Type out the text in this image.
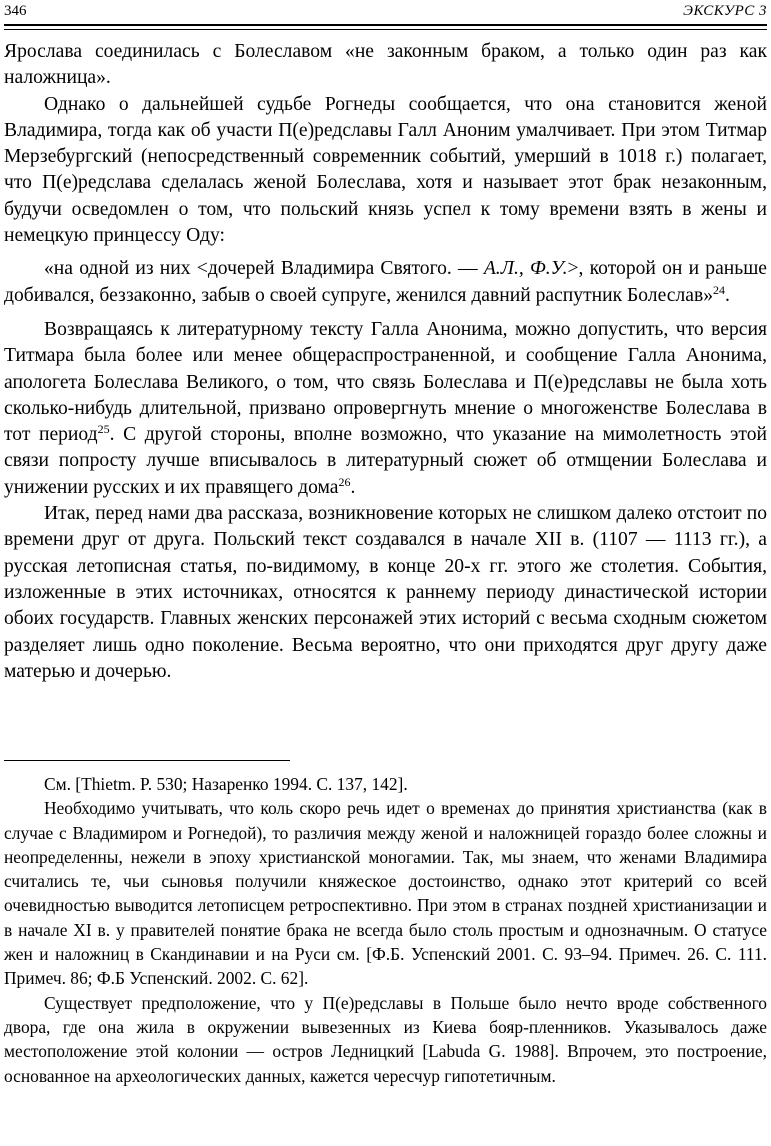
346	ЭКСКУРС 3

Ярослава соединилась с Болеславом «не законным браком, а только один раз как наложница».

Однако о дальнейшей судьбе Рогнеды сообщается, что она становится женой Владимира, тогда как об участи П(е)редславы Галл Аноним умалчивает. При этом Титмар Мерзебургский (непосредственный современник событий, умерший в 1018 г.) полагает, что П(е)редслава сделалась женой Болеслава, хотя и называет этот брак незаконным, будучи осведомлен о том, что польский князь успел к тому времени взять в жены и немецкую принцессу Оду:

«на одной из них <дочерей Владимира Святого. — А.Л., Ф.У.>, которой он и раньше добивался, беззаконно, забыв о своей супруге, женился давний распутник Болеслав»$^{24}$.

Возвращаясь к литературному тексту Галла Анонима, можно допустить, что версия Титмара была более или менее общераспространенной, и сообщение Галла Анонима, апологета Болеслава Великого, о том, что связь Болеслава и П(е)редславы не была хоть сколько-нибудь длительной, призвано опровергнуть мнение о многоженстве Болеслава в тот период$^{25}$. С другой стороны, вполне возможно, что указание на мимолетность этой связи попросту лучше вписывалось в литературный сюжет об отмщении Болеслава и унижении русских и их правящего дома$^{26}$.

Итак, перед нами два рассказа, возникновение которых не слишком далеко отстоит по времени друг от друга. Польский текст создавался в начале XII в. (1107 — 1113 гг.), а русская летописная статья, по-видимому, в конце 20-х гг. этого же столетия. События, изложенные в этих источниках, относятся к раннему периоду династической истории обоих государств. Главных женских персонажей этих историй с весьма сходным сюжетом разделяет лишь одно поколение. Весьма вероятно, что они приходятся друг другу даже матерью и дочерью.

См. [Thietm. P. 530; Назаренко 1994. С. 137, 142].

Необходимо учитывать, что коль скоро речь идет о временах до принятия христианства (как в случае с Владимиром и Рогнедой), то различия между женой и наложницей гораздо более сложны и неопределенны, нежели в эпоху христианской моногамии. Так, мы знаем, что женами Владимира считались те, чьи сыновья получили княжеское достоинство, однако этот критерий со всей очевидностью выводится летописцем ретроспективно. При этом в странах поздней христианизации и в начале XI в. у правителей понятие брака не всегда было столь простым и однозначным. О статусе жен и наложниц в Скандинавии и на Руси см. [Ф.Б. Успенский 2001. С. 93–94. Примеч. 26. С. 111. Примеч. 86; Ф.Б Успенский. 2002. С. 62].

Существует предположение, что у П(е)редславы в Польше было нечто вроде собственного двора, где она жила в окружении вывезенных из Киева бояр-пленников. Указывалось даже местоположение этой колонии — остров Ледницкий [Labuda G. 1988]. Впрочем, это построение, основанное на археологических данных, кажется чересчур гипотетичным.
